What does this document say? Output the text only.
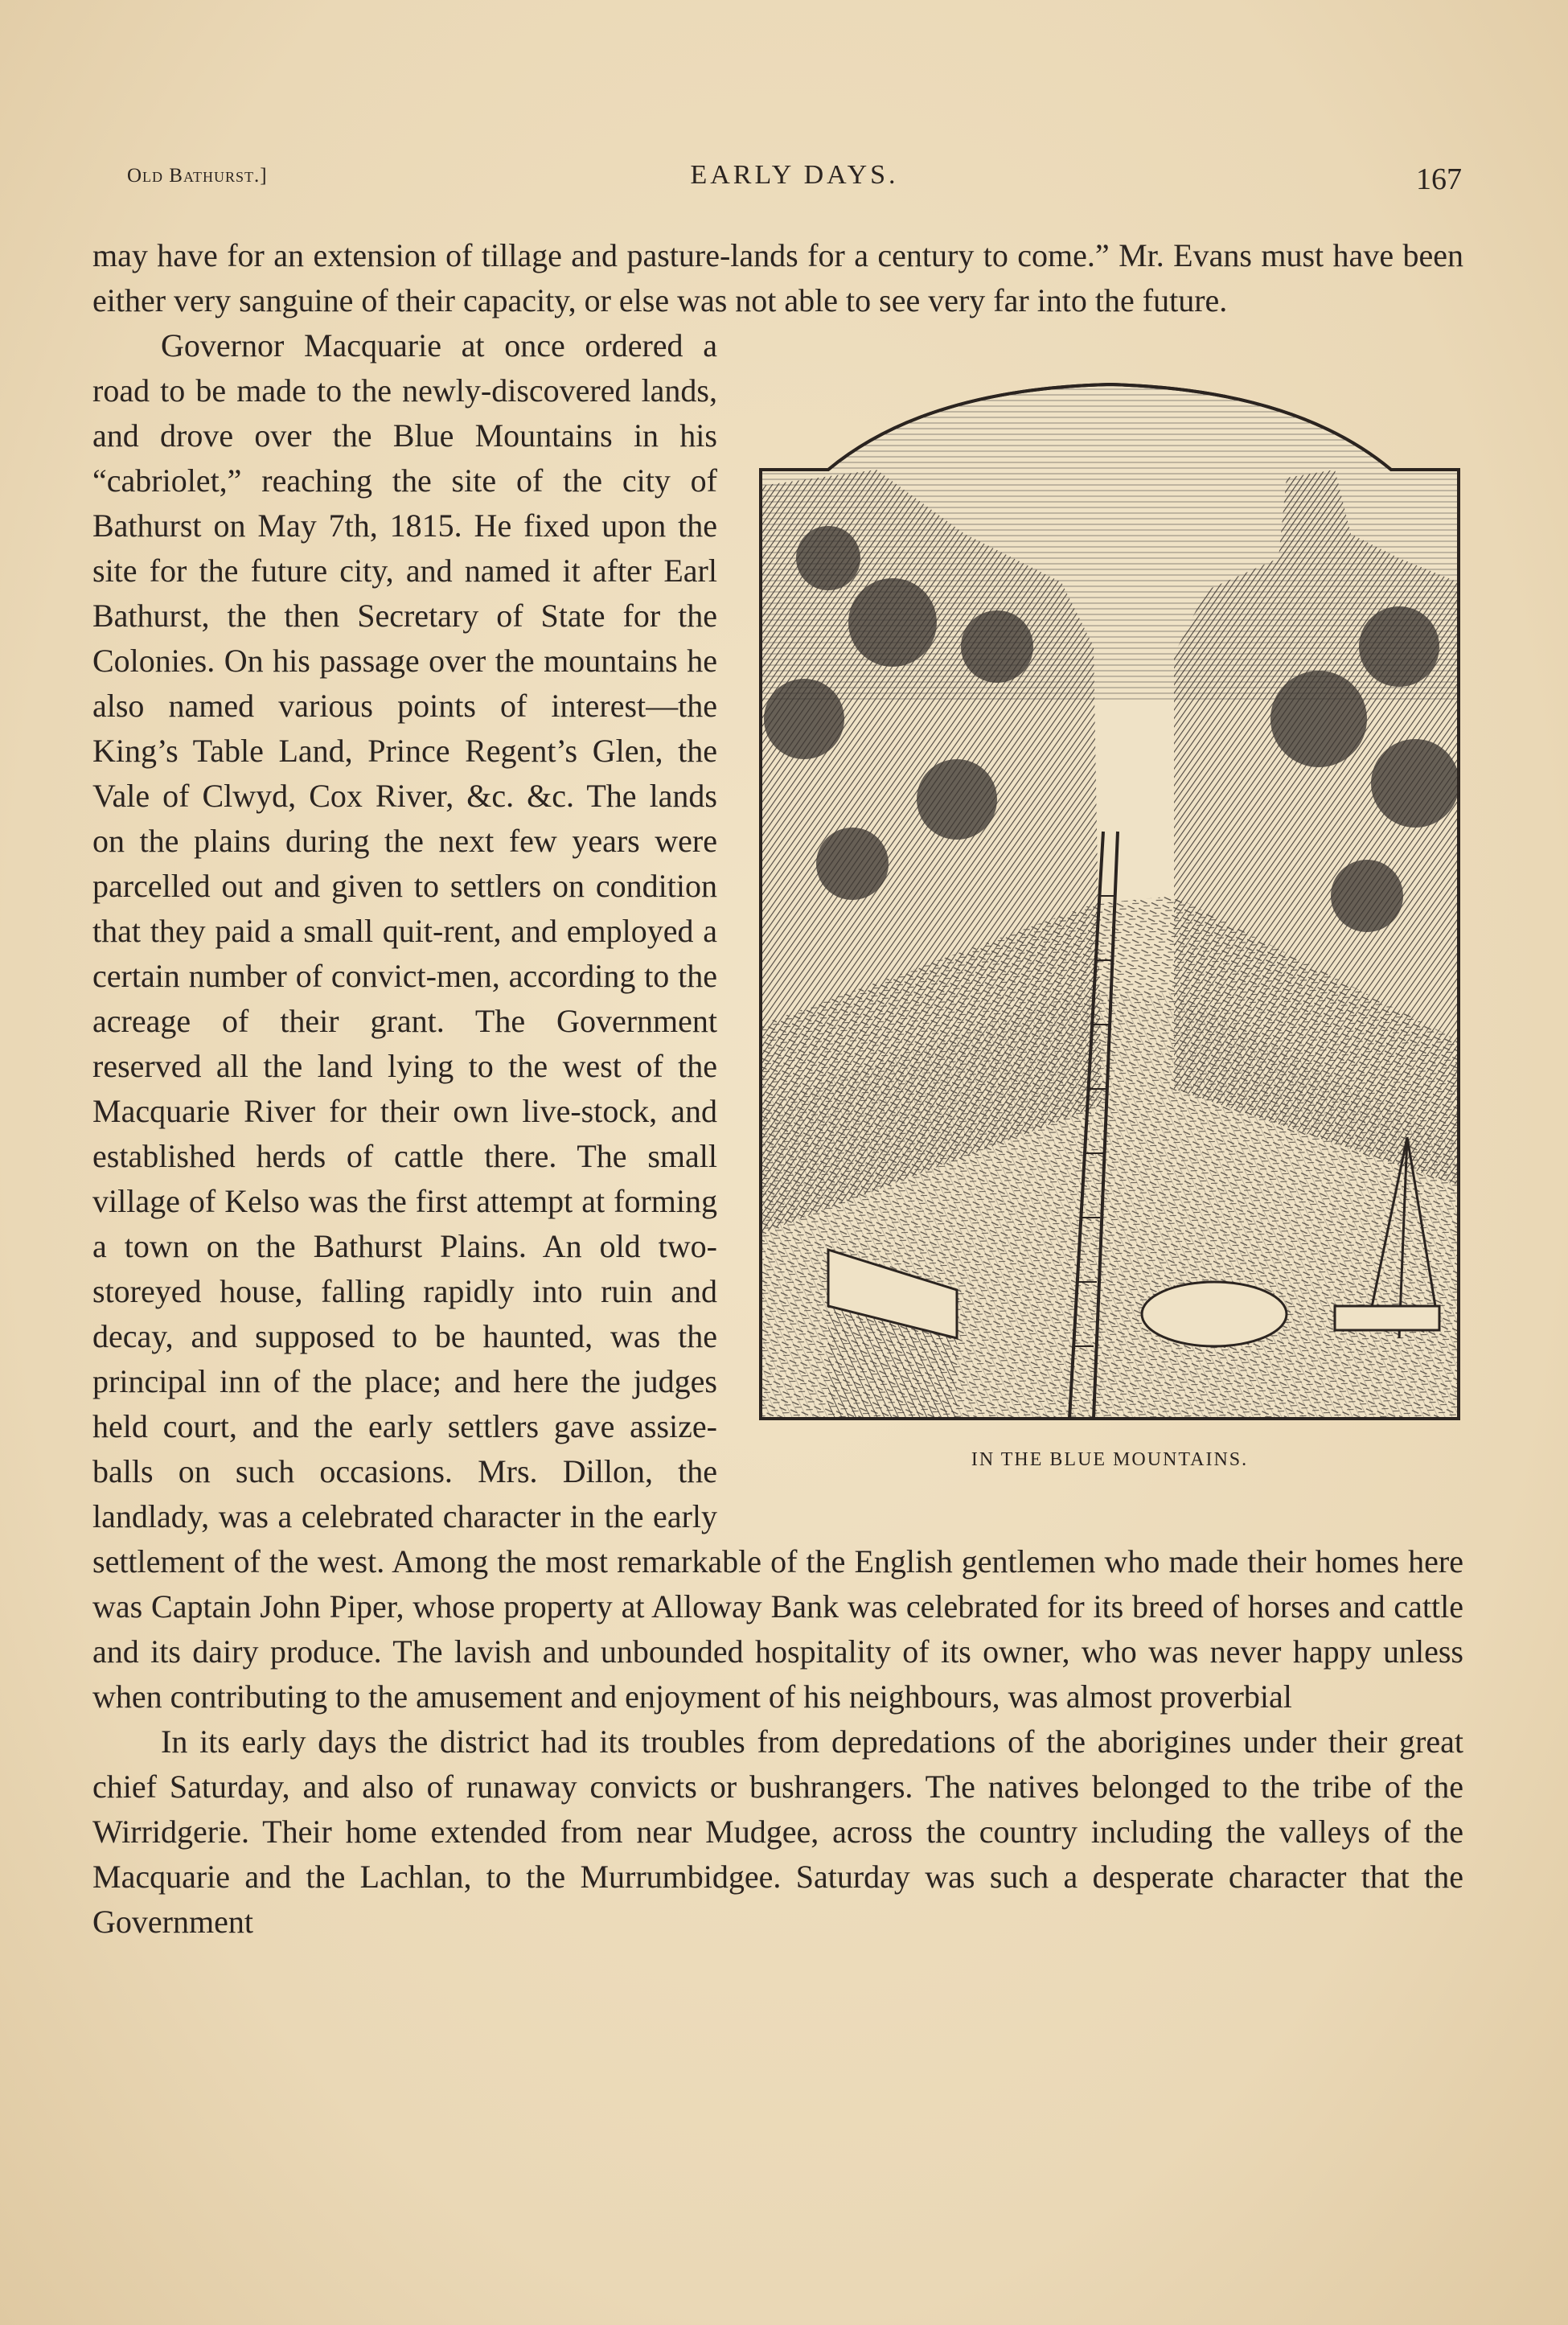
Old Bathurst.]	EARLY DAYS.	167

may have for an extension of tillage and pasture-lands for a century to come.” Mr. Evans must have been either very sanguine of their capacity, or else was not able to see very far into the future.

IN THE BLUE MOUNTAINS.

Governor Macquarie at once ordered a road to be made to the newly-discovered lands, and drove over the Blue Mountains in his “cabriolet,” reaching the site of the city of Bathurst on May 7th, 1815. He fixed upon the site for the future city, and named it after Earl Bathurst, the then Secretary of State for the Colonies. On his passage over the mountains he also named various points of interest—the King’s Table Land, Prince Regent’s Glen, the Vale of Clwyd, Cox River, &c. &c. The lands on the plains during the next few years were parcelled out and given to settlers on condition that they paid a small quit-rent, and employed a certain number of convict-men, according to the acreage of their grant. The Government reserved all the land lying to the west of the Macquarie River for their own live-stock, and established herds of cattle there. The small village of Kelso was the first attempt at forming a town on the Bathurst Plains. An old two-storeyed house, falling rapidly into ruin and decay, and supposed to be haunted, was the principal inn of the place; and here the judges held court, and the early settlers gave assize-balls on such occasions. Mrs. Dillon, the landlady, was a celebrated character in the early settlement of the west. Among the most remarkable of the English gentlemen who made their homes here was Captain John Piper, whose property at Alloway Bank was celebrated for its breed of horses and cattle and its dairy produce. The lavish and unbounded hospitality of its owner, who was never happy unless when contributing to the amusement and enjoyment of his neighbours, was almost proverbial

In its early days the district had its troubles from depredations of the aborigines under their great chief Saturday, and also of runaway convicts or bushrangers. The natives belonged to the tribe of the Wirridgerie. Their home extended from near Mudgee, across the country including the valleys of the Macquarie and the Lachlan, to the Murrumbidgee. Saturday was such a desperate character that the Government
